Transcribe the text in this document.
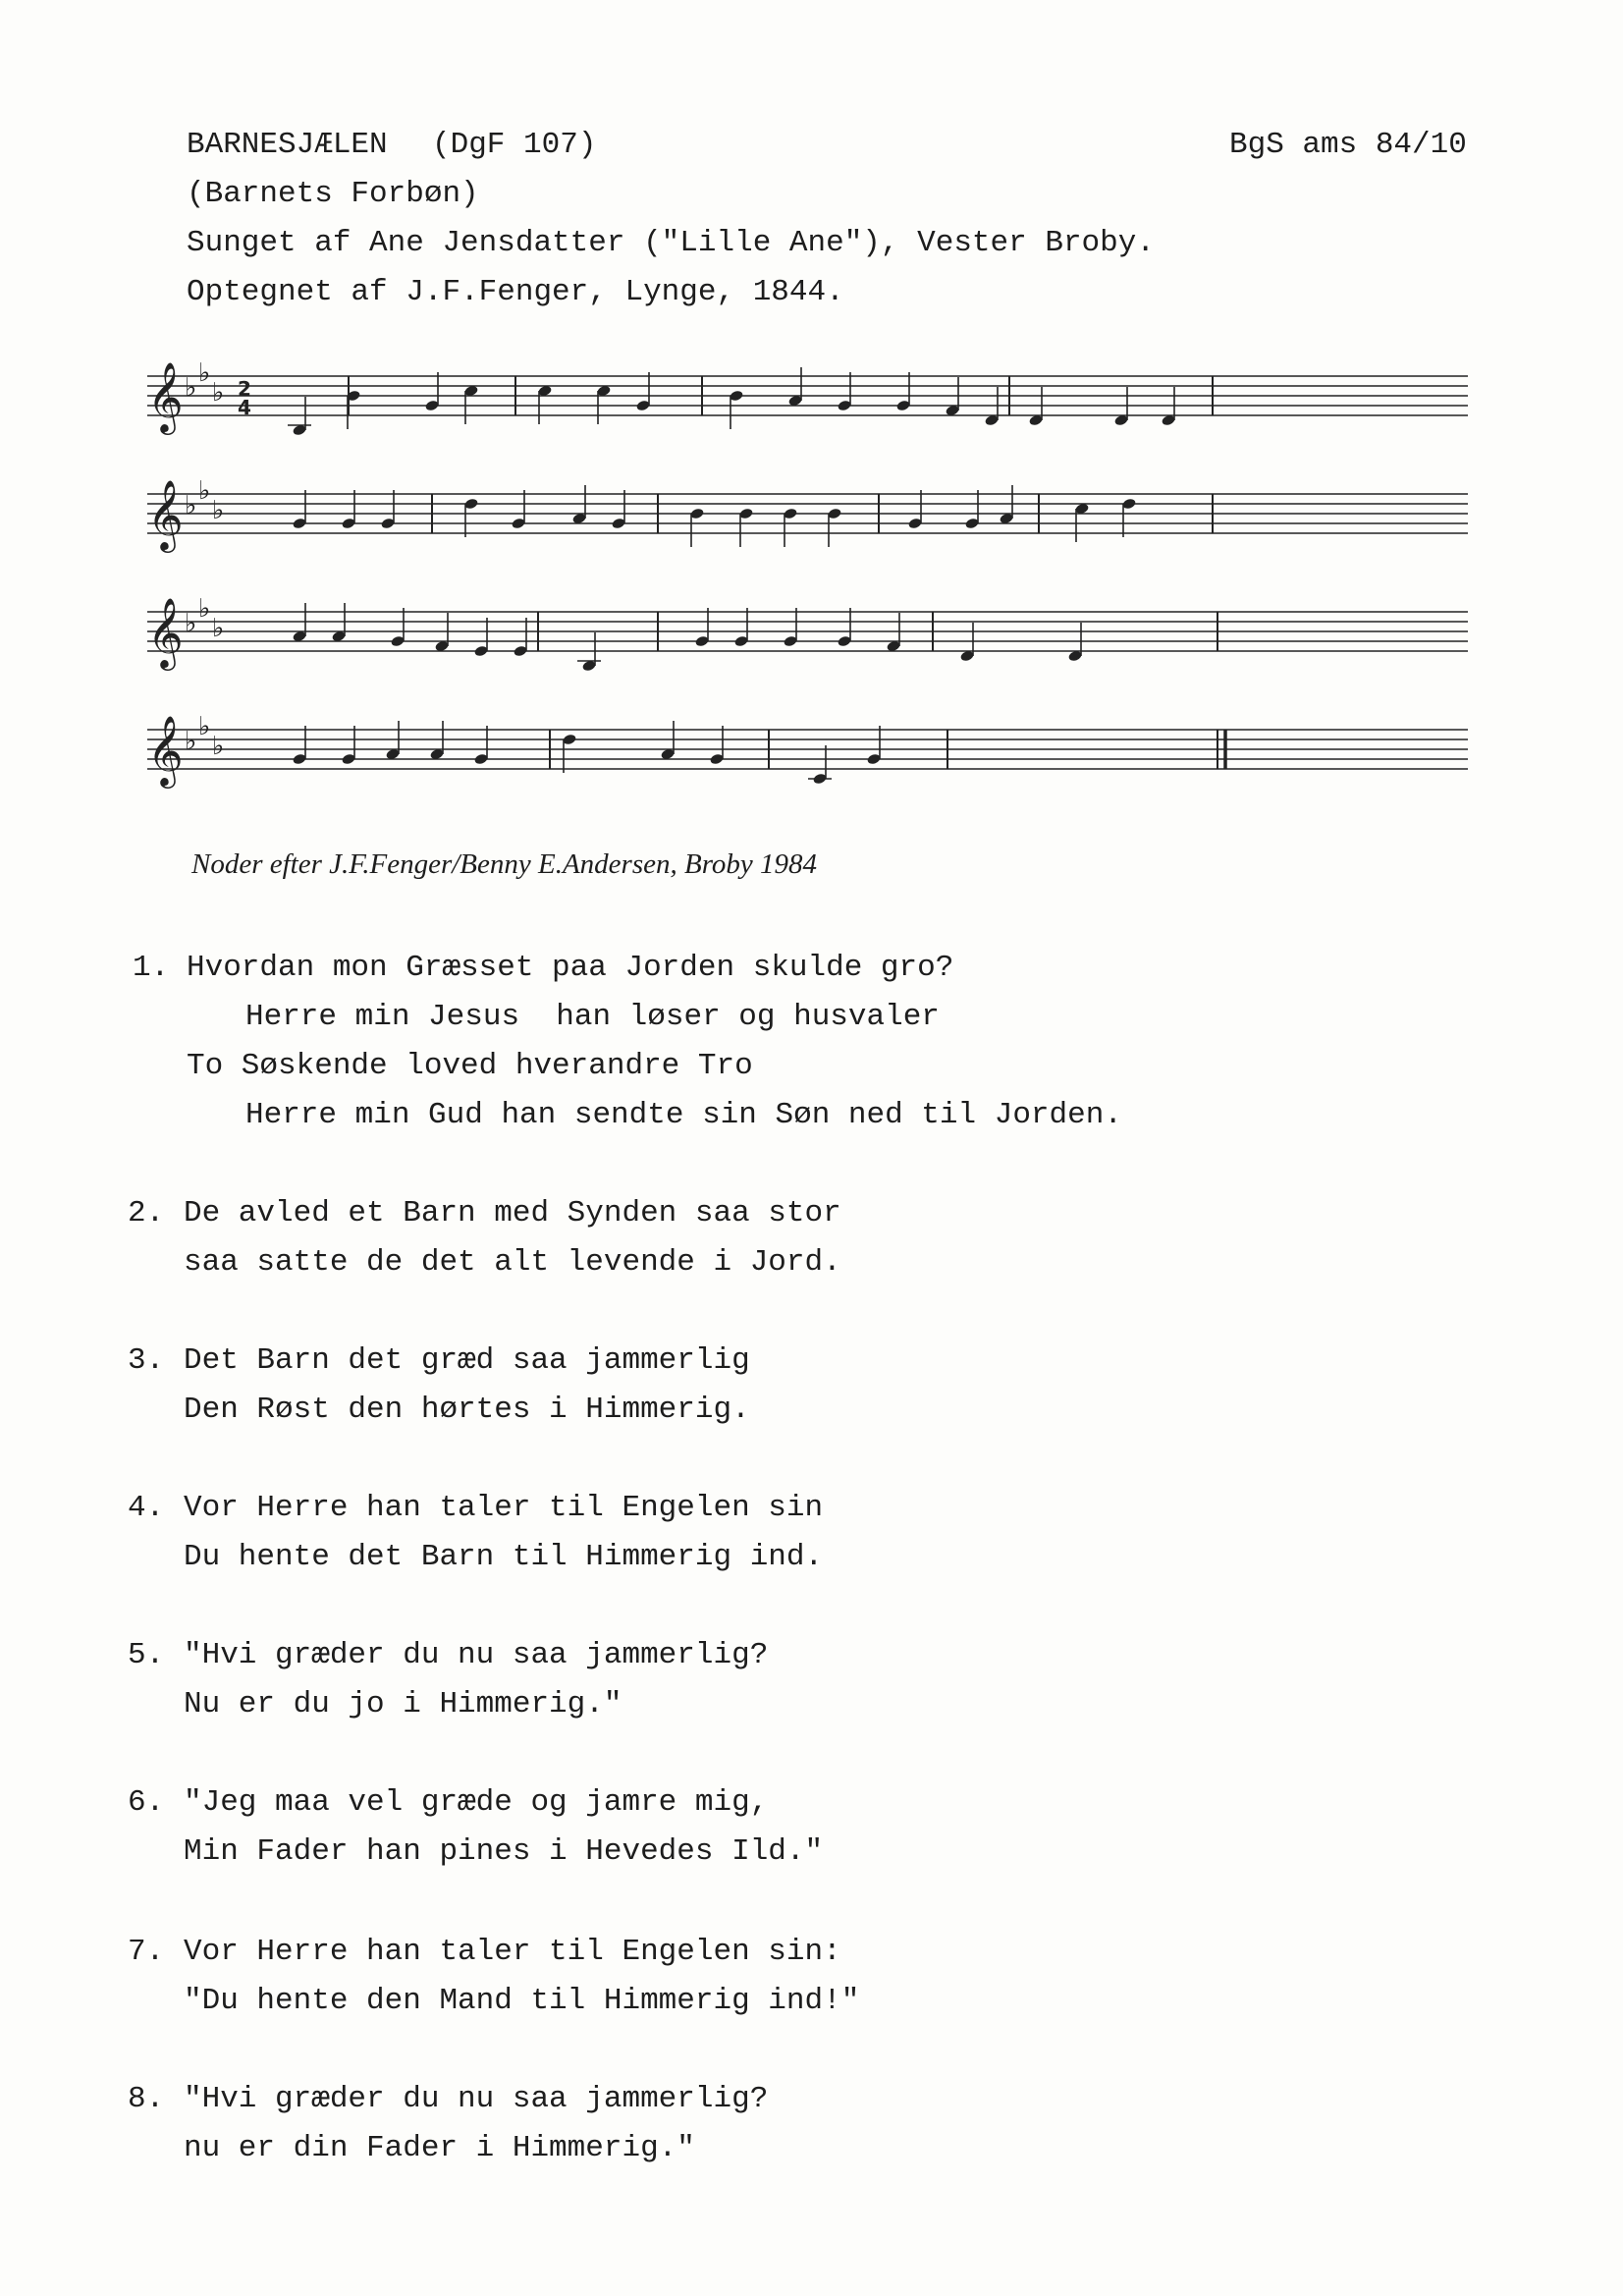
BARNESJÆLEN (DgF 107)	BgS ams 84/10
(Barnets Forbøn)
Sunget af Ane Jensdatter ("Lille Ane"), Vester Broby.
Optegnet af J.F.Fenger, Lynge, 1844.
𝄞 ♭ ♭
♭ 2
4
𝄞 ♭ ♭
♭
𝄞 ♭ ♭
♭
𝄞 ♭ ♭
♭
Noder efter J.F.Fenger/Benny E.Andersen, Broby 1984
1. Hvordan mon Græsset paa Jorden skulde gro?
Herre min Jesus  han løser og husvaler
To Søskende loved hverandre Tro
Herre min Gud han sendte sin Søn ned til Jorden.
2. De avled et Barn med Synden saa stor
saa satte de det alt levende i Jord.
3. Det Barn det græd saa jammerlig
Den Røst den hørtes i Himmerig.
4. Vor Herre han taler til Engelen sin
Du hente det Barn til Himmerig ind.
5. "Hvi græder du nu saa jammerlig?
Nu er du jo i Himmerig."
6. "Jeg maa vel græde og jamre mig,
Min Fader han pines i Hevedes Ild."
7. Vor Herre han taler til Engelen sin:
"Du hente den Mand til Himmerig ind!"
8. "Hvi græder du nu saa jammerlig?
nu er din Fader i Himmerig."
